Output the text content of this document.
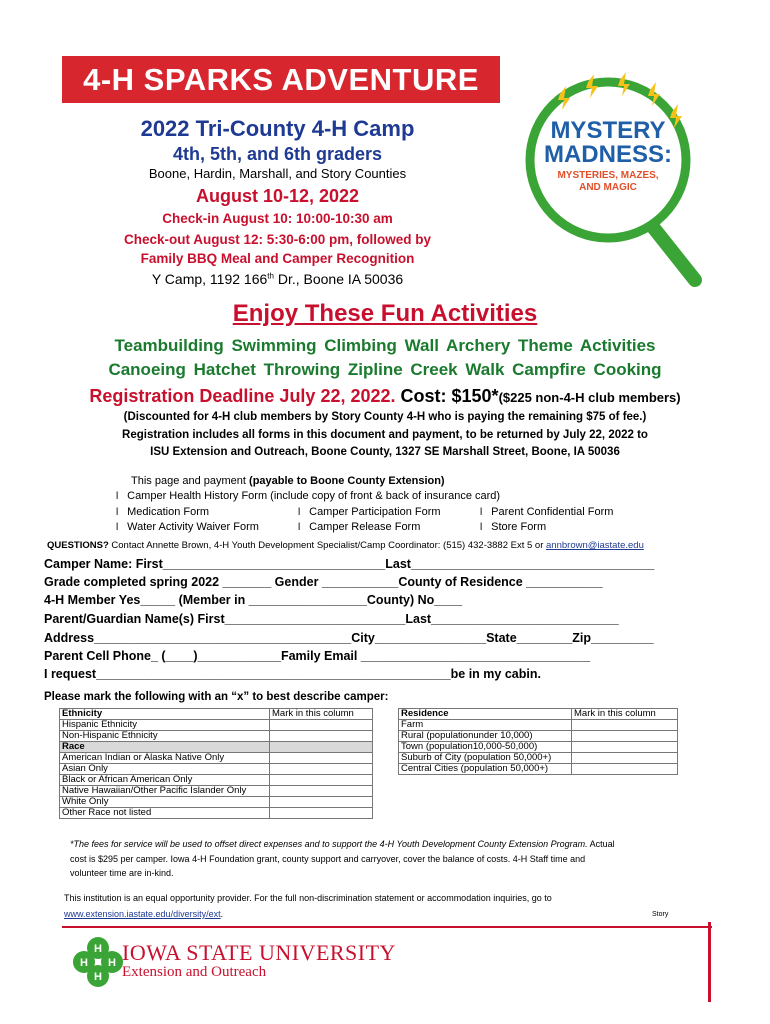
4-H SPARKS ADVENTURE
MYSTERY
MADNESS:
MYSTERIES, MAZES,
AND MAGIC
2022 Tri-County 4-H Camp
4th, 5th, and 6th graders
Boone, Hardin, Marshall, and Story Counties
August 10-12, 2022
Check-in August 10: 10:00-10:30 am
Check-out August 12: 5:30-6:00 pm, followed by
Family BBQ Meal and Camper Recognition
Y Camp, 1192 166th Dr., Boone IA 50036
Enjoy These Fun Activities
Teambuilding Swimming Climbing Wall Archery Theme Activities
Canoeing Hatchet Throwing Zipline Creek Walk Campfire Cooking
Registration Deadline July 22, 2022. Cost: $150*($225 non-4-H club members)
(Discounted for 4-H club members by Story County 4-H who is paying the remaining $75 of fee.)
Registration includes all forms in this document and payment, to be returned by July 22, 2022 to
ISU Extension and Outreach, Boone County, 1327 SE Marshall Street, Boone, IA 50036
This page and payment (payable to Boone County Extension)
l Camper Health History Form (include copy of front & back of insurance card)
l Medication Form	l Camper Participation Form	l Parent Confidential Form
l Water Activity Waiver Form	l Camper Release Form	l Store Form
QUESTIONS? Contact Annette Brown, 4-H Youth Development Specialist/Camp Coordinator: (515) 432-3882 Ext 5 or annbrown@iastate.edu
Camper Name: First________________________________Last___________________________________
Grade completed spring 2022 _______ Gender ___________County of Residence ___________
4-H Member Yes_____ (Member in _________________County) No____
Parent/Guardian Name(s) First__________________________Last___________________________
Address_____________________________________City________________State________Zip_________
Parent Cell Phone_ (____)____________Family Email _________________________________
I request___________________________________________________be in my cabin.
Please mark the following with an “x” to best describe camper:
Ethnicity	Mark in this column
Hispanic Ethnicity	
Non-Hispanic Ethnicity	
Race	
American Indian or Alaska Native Only	
Asian Only	
Black or African American Only	
Native Hawaiian/Other Pacific Islander Only	
White Only	
Other Race not listed	
Residence	Mark in this column
Farm	
Rural (populationunder 10,000)	
Town (population10,000-50,000)	
Suburb of City (population 50,000+)	
Central Cities (population 50,000+)	
*The fees for service will be used to offset direct expenses and to support the 4-H Youth Development County Extension Program. Actual
cost is $295 per camper. Iowa 4-H Foundation grant, county support and carryover, cover the balance of costs. 4-H Staff time and
volunteer time are in-kind.
This institution is an equal opportunity provider. For the full non-discrimination statement or accommodation inquiries, go to
www.extension.iastate.edu/diversity/ext.	Story
H
H
H H IOWA STATE UNIVERSITY
Extension and Outreach
